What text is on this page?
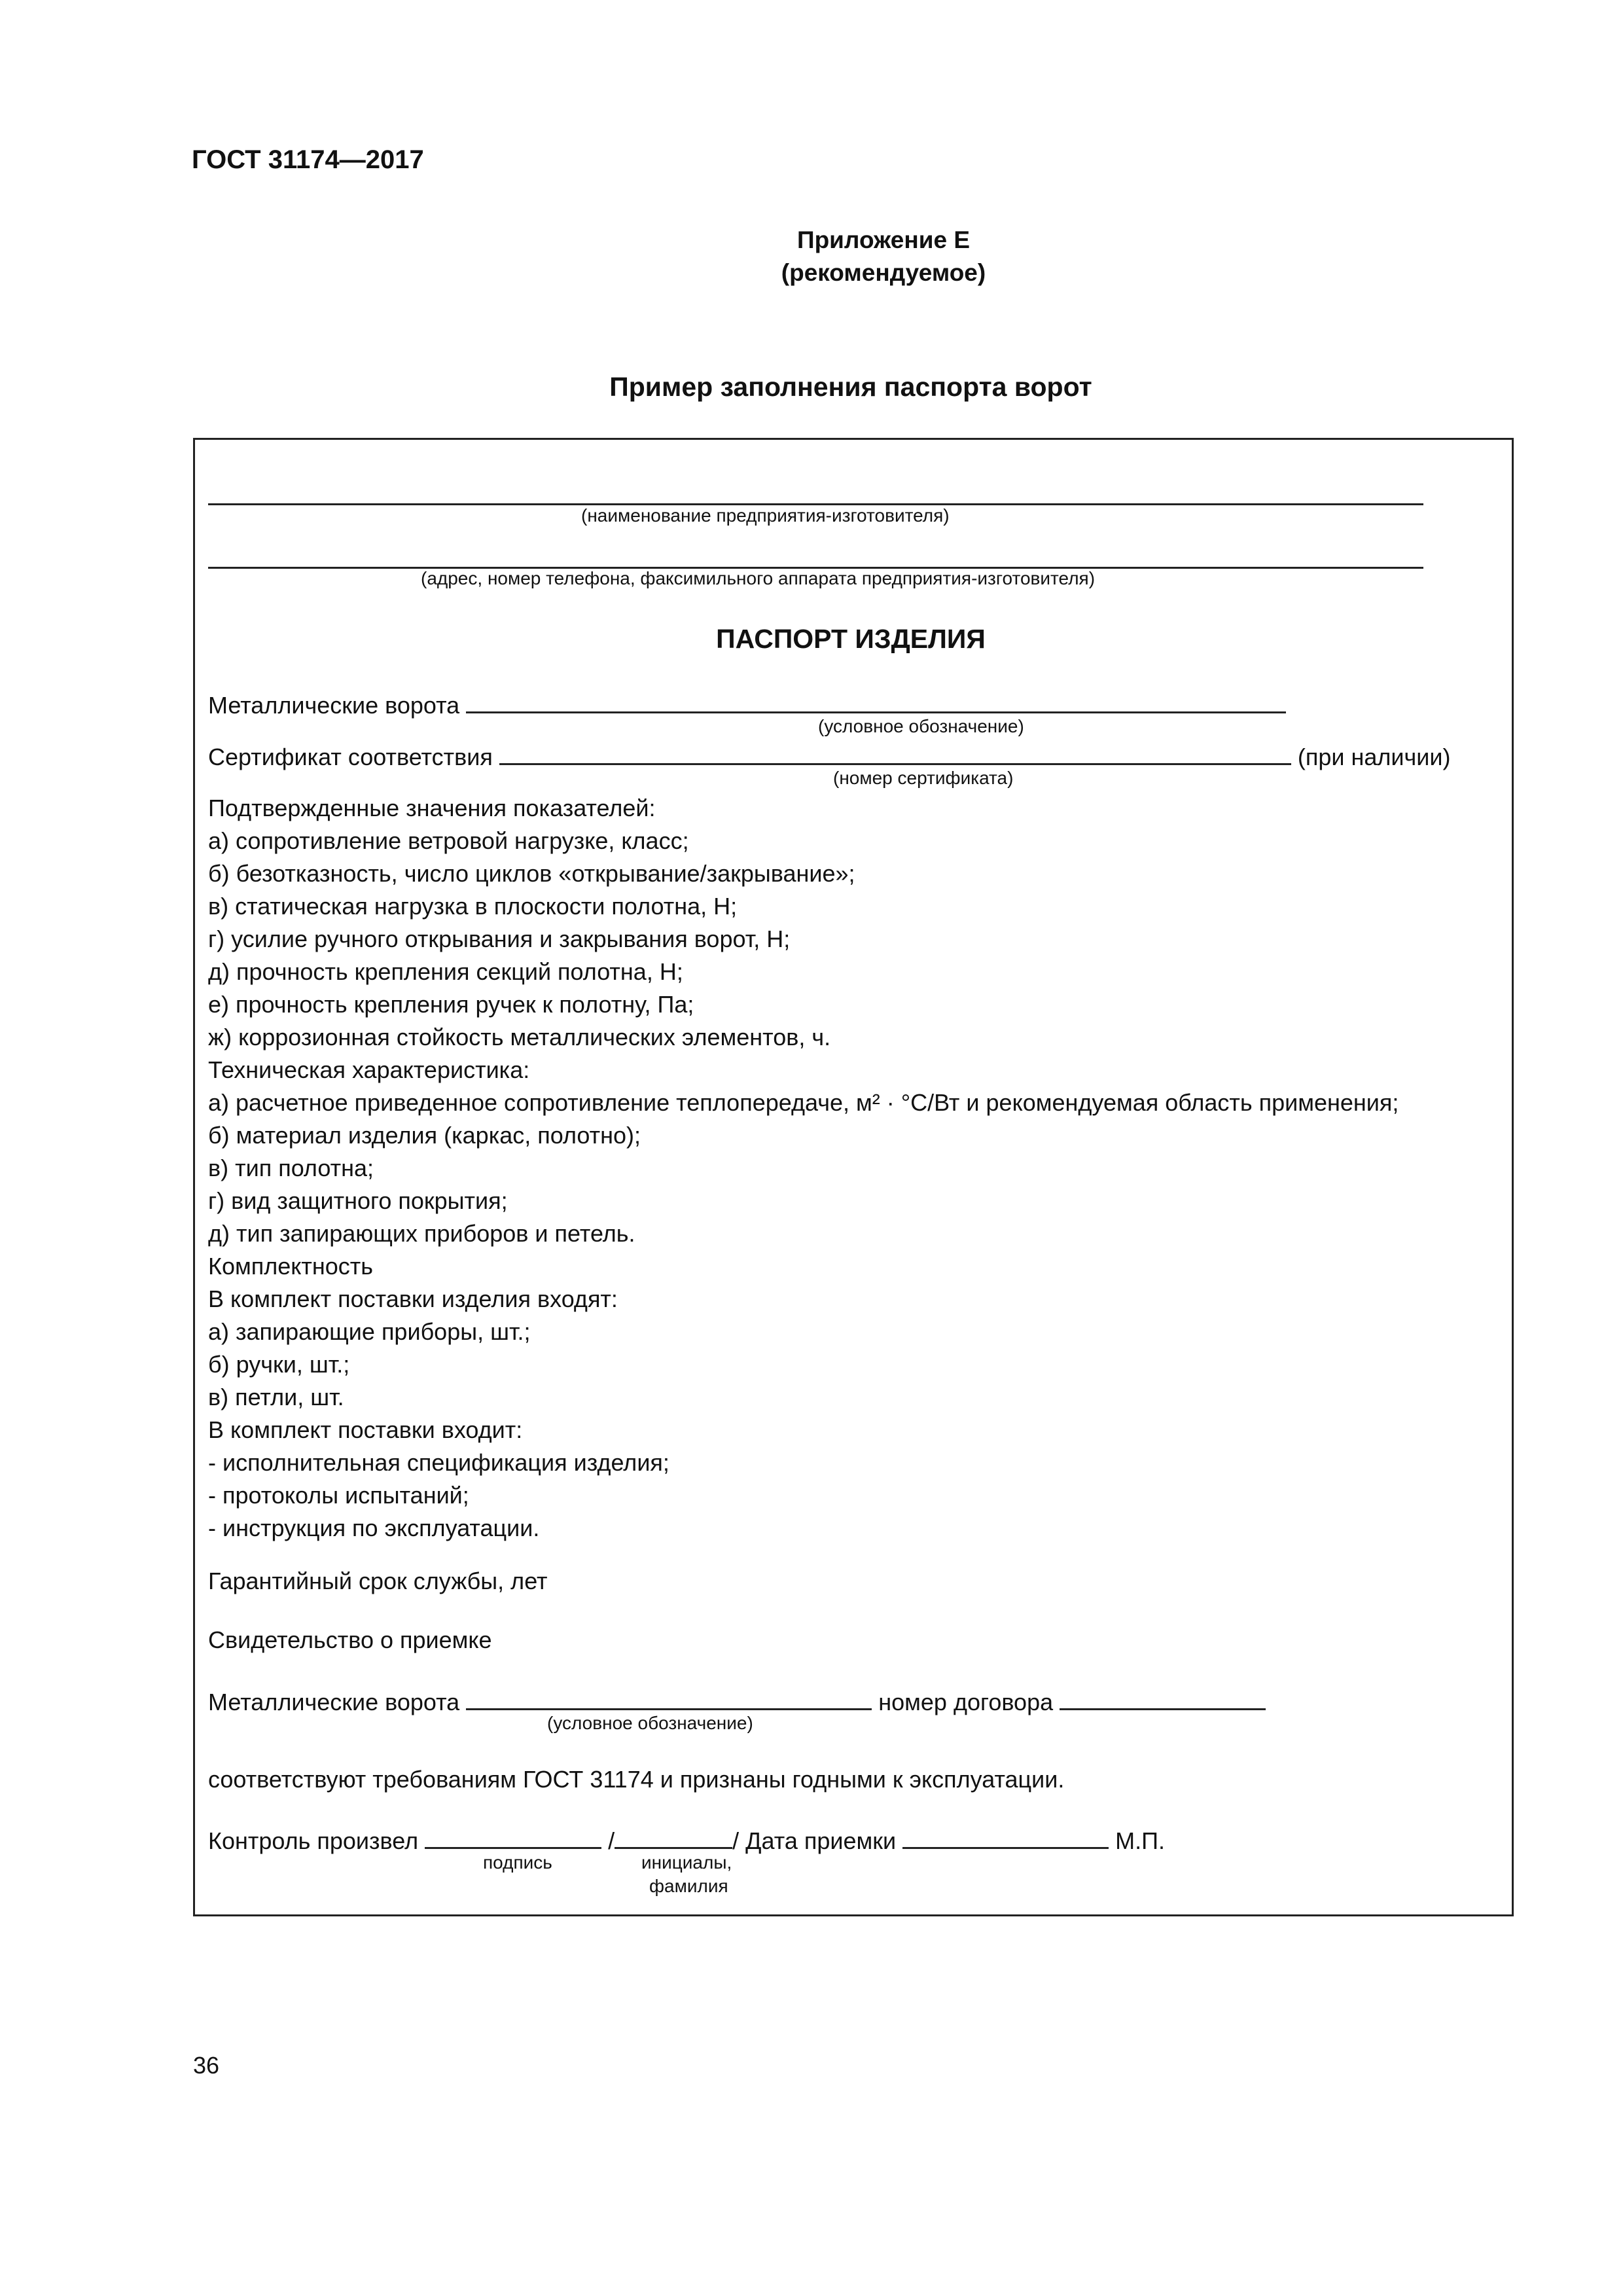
ГОСТ 31174—2017
Приложение Е
(рекомендуемое)
Пример заполнения паспорта ворот
(наименование предприятия-изготовителя)
(адрес, номер телефона, факсимильного аппарата предприятия-изготовителя)
ПАСПОРТ ИЗДЕЛИЯ
Металлические ворота
(условное обозначение)
Сертификат соответствия	(при наличии)
(номер сертификата)
Подтвержденные значения показателей:
а) сопротивление ветровой нагрузке, класс;
б) безотказность, число циклов «открывание/закрывание»;
в) статическая нагрузка в плоскости полотна, Н;
г) усилие ручного открывания и закрывания ворот, Н;
д) прочность крепления секций полотна, Н;
е) прочность крепления ручек к полотну, Па;
ж) коррозионная стойкость металлических элементов, ч.
Техническая характеристика:
а) расчетное приведенное сопротивление теплопередаче, м² · °С/Вт и рекомендуемая область применения;
б) материал изделия (каркас, полотно);
в) тип полотна;
г) вид защитного покрытия;
д) тип запирающих приборов и петель.
Комплектность
В комплект поставки изделия входят:
а) запирающие приборы, шт.;
б) ручки, шт.;
в) петли, шт.
В комплект поставки входит:
- исполнительная спецификация изделия;
- протоколы испытаний;
- инструкция по эксплуатации.
Гарантийный срок службы, лет
Свидетельство о приемке
Металлические ворота	номер договора
(условное обозначение)
соответствуют требованиям ГОСТ 31174 и признаны годными к эксплуатации.
Контроль произвел	/	/ Дата приемки	М.П.
подпись	инициалы,
фамилия
36
